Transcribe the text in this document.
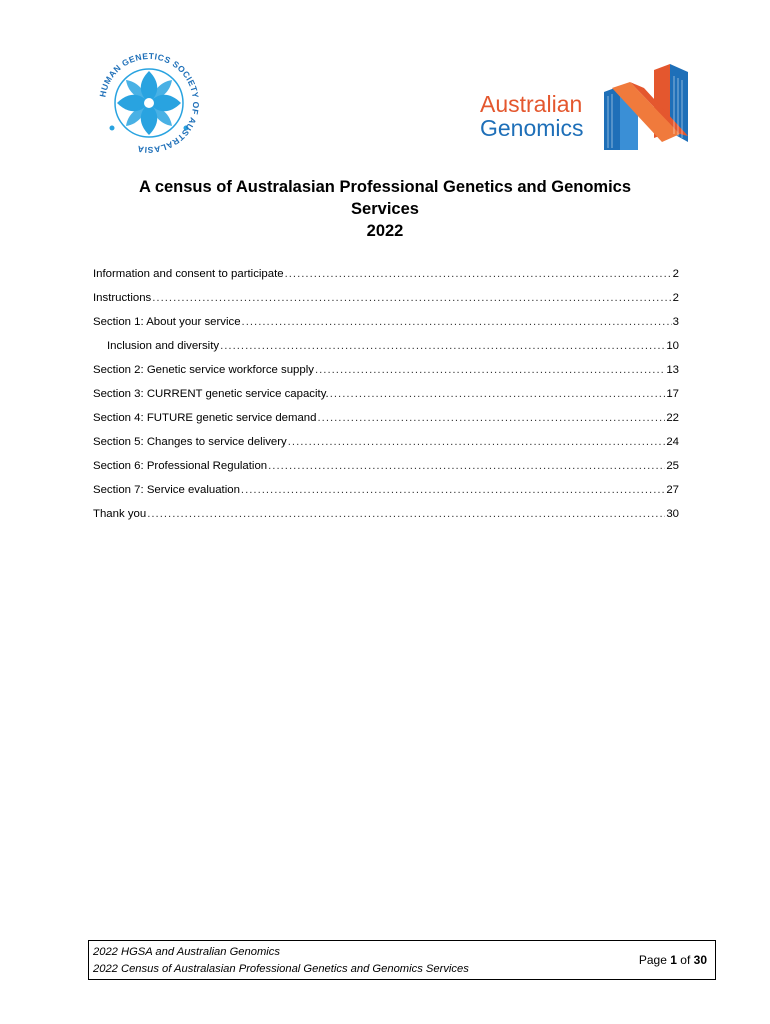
HUMAN GENETICS SOCIETY F AUSTRALASIA
Australian
Genomics
A census of Australasian Professional Genetics and Genomics
Services
2022
Information and consent to participate .....	2
Instructions .....	2
Section 1: About your service .....	3
Inclusion and diversity .....	10
Section 2: Genetic service workforce supply .....	13
Section 3: CURRENT genetic service capacity. .....	17
Section 4: FUTURE genetic service demand .....	22
Section 5: Changes to service delivery .....	24
Section 6: Professional Regulation .....	25
Section 7: Service evaluation .....	27
Thank you .....	30
2022 HGSA and Australian Genomics
2022 Census of Australasian Professional Genetics and Genomics Services
Page 1 of 30
